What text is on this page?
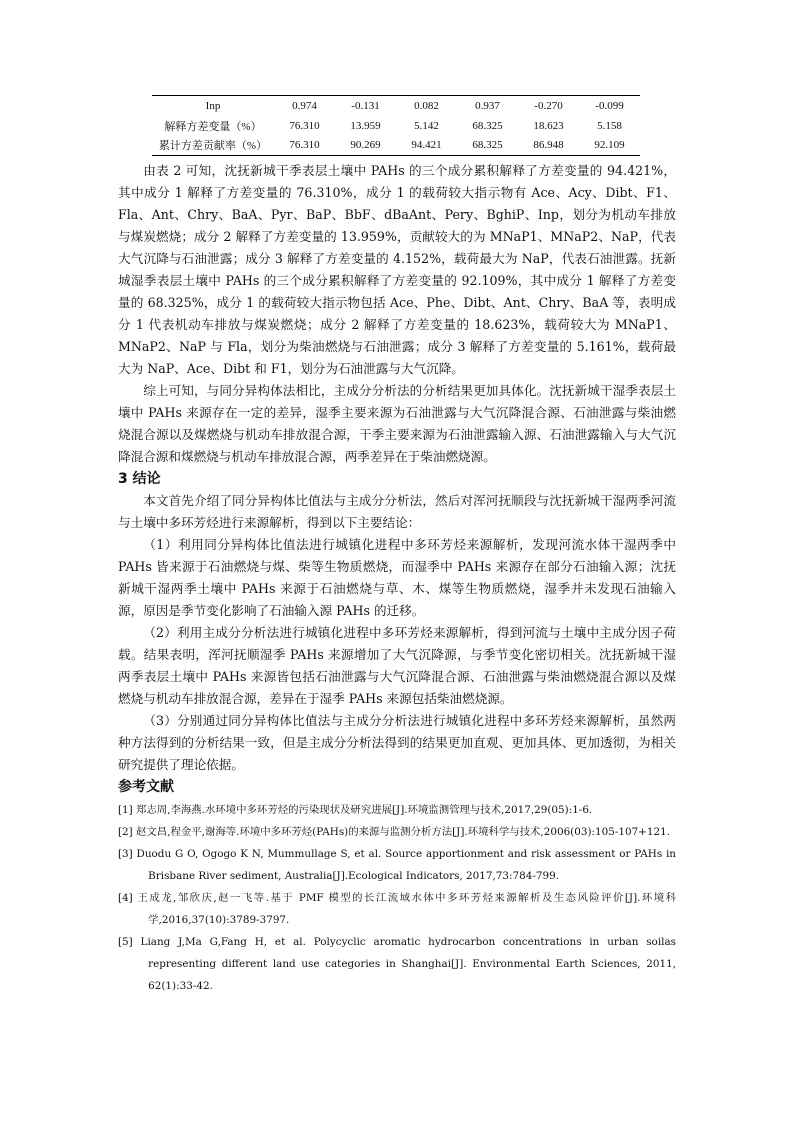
Inp	0.974	-0.131	0.082	0.937	-0.270	-0.099
解释方差变量（%）	76.310	13.959	5.142	68.325	18.623	5.158
累计方差贡献率（%）	76.310	90.269	94.421	68.325	86.948	92.109

由表 2 可知，沈抚新城干季表层土壤中 PAHs 的三个成分累积解释了方差变量的 94.421%，其中成分 1 解释了方差变量的 76.310%，成分 1 的载荷较大指示物有 Ace、Acy、Dibt、F1、Fla、Ant、Chry、BaA、Pyr、BaP、BbF、dBaAnt、Pery、BghiP、Inp，划分为机动车排放与煤炭燃烧；成分 2 解释了方差变量的 13.959%，贡献较大的为 MNaP1、MNaP2、NaP，代表大气沉降与石油泄露；成分 3 解释了方差变量的 4.152%，载荷最大为 NaP，代表石油泄露。抚新城湿季表层土壤中 PAHs 的三个成分累积解释了方差变量的 92.109%，其中成分 1 解释了方差变量的 68.325%，成分 1 的载荷较大指示物包括 Ace、Phe、Dibt、Ant、Chry、BaA 等，表明成分 1 代表机动车排放与煤炭燃烧；成分 2 解释了方差变量的 18.623%，载荷较大为 MNaP1、MNaP2、NaP 与 Fla，划分为柴油燃烧与石油泄露；成分 3 解释了方差变量的 5.161%，载荷最大为 NaP、Ace、Dibt 和 F1，划分为石油泄露与大气沉降。

综上可知，与同分异构体法相比，主成分分析法的分析结果更加具体化。沈抚新城干湿季表层土壤中 PAHs 来源存在一定的差异，湿季主要来源为石油泄露与大气沉降混合源、石油泄露与柴油燃烧混合源以及煤燃烧与机动车排放混合源，干季主要来源为石油泄露输入源、石油泄露输入与大气沉降混合源和煤燃烧与机动车排放混合源，两季差异在于柴油燃烧源。

3 结论

本文首先介绍了同分异构体比值法与主成分分析法，然后对浑河抚顺段与沈抚新城干湿两季河流与土壤中多环芳烃进行来源解析，得到以下主要结论：

（1）利用同分异构体比值法进行城镇化进程中多环芳烃来源解析，发现河流水体干湿两季中 PAHs 皆来源于石油燃烧与煤、柴等生物质燃烧，而湿季中 PAHs 来源存在部分石油输入源；沈抚新城干湿两季土壤中 PAHs 来源于石油燃烧与草、木、煤等生物质燃烧，湿季并未发现石油输入源，原因是季节变化影响了石油输入源 PAHs 的迁移。

（2）利用主成分分析法进行城镇化进程中多环芳烃来源解析，得到河流与土壤中主成分因子荷载。结果表明，浑河抚顺湿季 PAHs 来源增加了大气沉降源，与季节变化密切相关。沈抚新城干湿两季表层土壤中 PAHs 来源皆包括石油泄露与大气沉降混合源、石油泄露与柴油燃烧混合源以及煤燃烧与机动车排放混合源，差异在于湿季 PAHs 来源包括柴油燃烧源。

（3）分别通过同分异构体比值法与主成分分析法进行城镇化进程中多环芳烃来源解析，虽然两种方法得到的分析结果一致，但是主成分分析法得到的结果更加直观、更加具体、更加透彻，为相关研究提供了理论依据。

参考文献

[1] 郑志周,李海燕.水环境中多环芳烃的污染现状及研究进展[J].环境监测管理与技术,2017,29(05):1-6.

[2] 赵文昌,程金平,谢海等.环境中多环芳烃(PAHs)的来源与监测分析方法[J].环境科学与技术,2006(03):105-107+121.

[3] Duodu G O, Ogogo K N, Mummullage S, et al. Source apportionment and risk assessment or PAHs in Brisbane River sediment, Australia[J].Ecological Indicators, 2017,73:784-799.

[4] 王成龙,邹欣庆,赵一飞等.基于 PMF 模型的长江流域水体中多环芳烃来源解析及生态风险评价[J].环境科学,2016,37(10):3789-3797.

[5] Liang J,Ma G,Fang H, et al. Polycyclic aromatic hydrocarbon concentrations in urban soilas representing different land use categories in Shanghai[J]. Environmental Earth Sciences, 2011, 62(1):33-42.
